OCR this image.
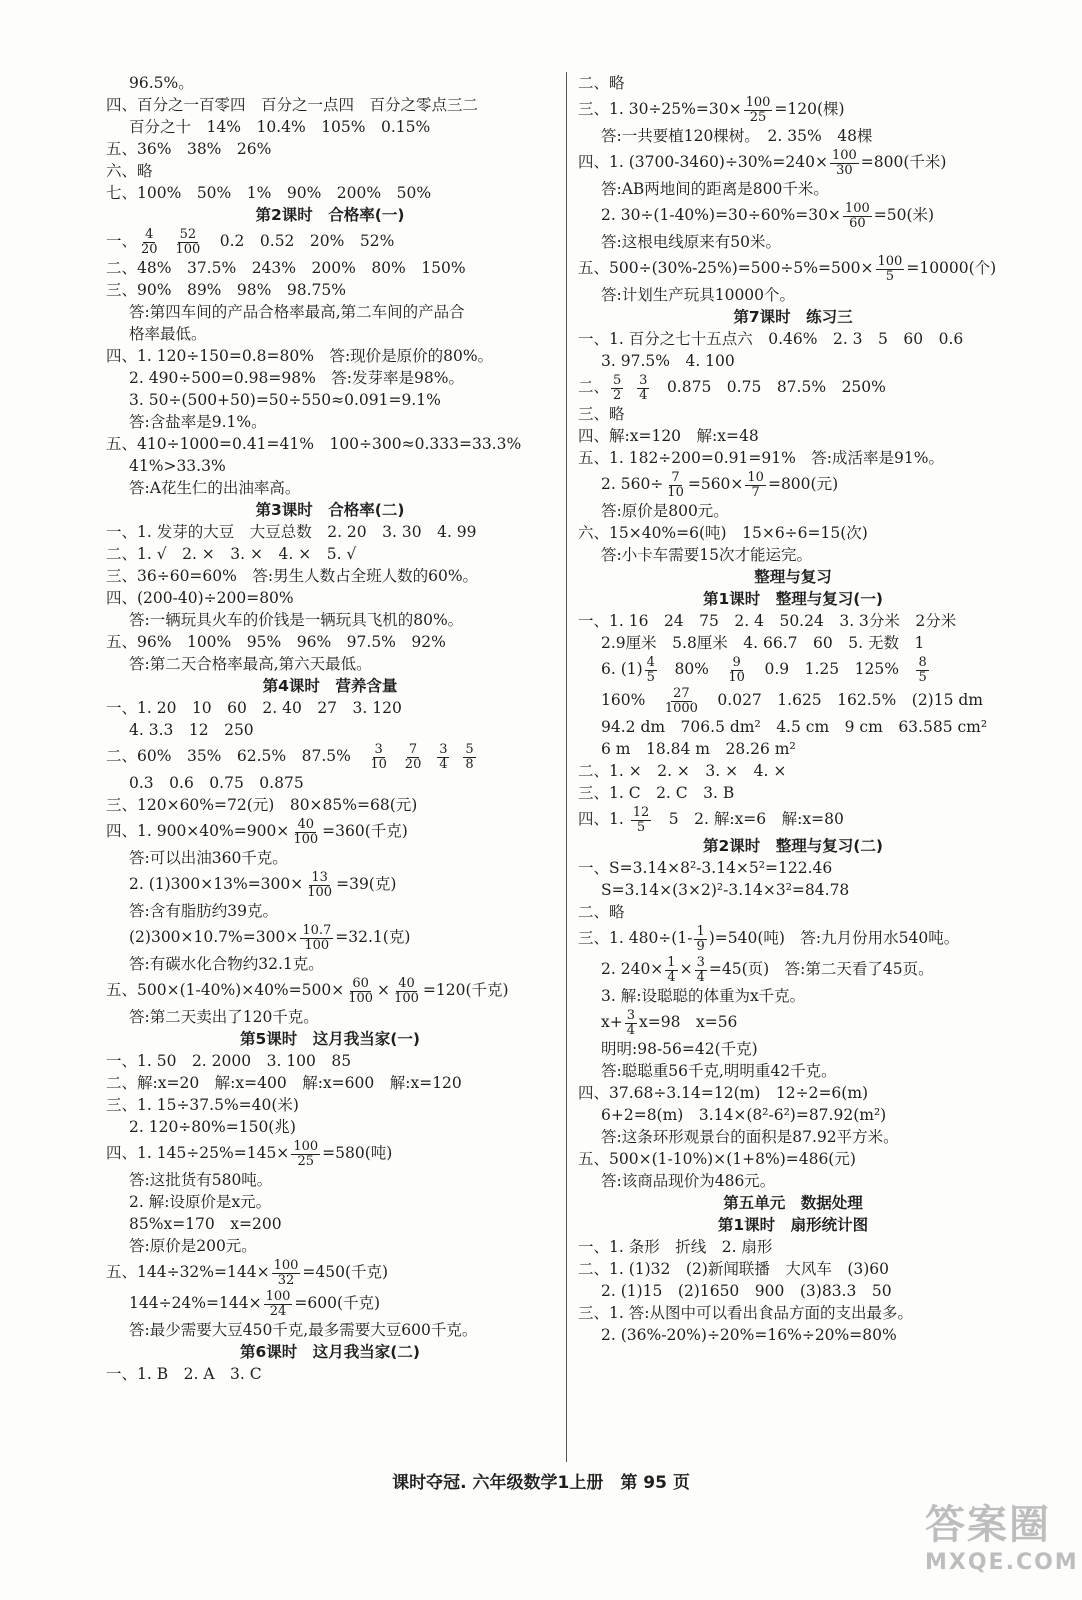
96.5%。
四、百分之一百零四　百分之一点四　百分之零点三二
百分之十　14%　10.4%　105%　0.15%
五、36%　38%　26%
六、略
七、100%　50%　1%　90%　200%　50%
第2课时　合格率(一)
一、 $\frac{4}{20}$
$\frac{52}{100}$ 　0.2　0.52　20%　52%
二、48%　37.5%　243%　200%　80%　150%
三、90%　89%　98%　98.75%
答:第四车间的产品合格率最高,第二车间的产品合
格率最低。
四、1. 120÷150=0.8=80%　答:现价是原价的80%。
2. 490÷500=0.98=98%　答:发芽率是98%。
3. 50÷(500+50)=50÷550≈0.091=9.1%
答:含盐率是9.1%。
五、410÷1000=0.41=41%　100÷300≈0.333=33.3%
41%>33.3%
答:A花生仁的出油率高。
第3课时　合格率(二)
一、1. 发芽的大豆　大豆总数　2. 20　3. 30　4. 99
二、1. √　2. ×　3. ×　4. ×　5. √
三、36÷60=60%　答:男生人数占全班人数的60%。
四、(200-40)÷200=80%
答:一辆玩具火车的价钱是一辆玩具飞机的80%。
五、96%　100%　95%　96%　97.5%　92%
答:第二天合格率最高,第六天最低。
第4课时　营养含量
一、1. 20　10　60　2. 40　27　3. 120
4. 3.3　12　250
二、60%　35%　62.5%　87.5%　 $\frac{3}{10}$
$\frac{7}{20}$
$\frac{3}{4}$
$\frac{5}{8}$
0.3　0.6　0.75　0.875
三、120×60%=72(元)　80×85%=68(元)
四、1. $900\times 40\%=900\times \frac{40}{100} =360$(千克)
答:可以出油360千克。
2. $(1)300\times 13\%=300\times \frac{13}{100} =39$(克)
答:含有脂肪约39克。
$(2)300\times 10.7\%=300\times \frac{10.7}{100} =32.1$(克)
答:有碳水化合物约32.1克。
五、$500\times(1-40\%)\times 40\%=500\times \frac{60}{100} \times \frac{40}{100} =120$(千克)
答:第二天卖出了120千克。
第5课时　这月我当家(一)
一、1. 50　2. 2000　3. 100　85
二、解:x=20　解:x=400　解:x=600　解:x=120
三、1. 15÷37.5%=40(米)
2. 120÷80%=150(兆)
四、1. $145\div 25\%=145\times \frac{100}{25} =580$(吨)
答:这批货有580吨。
2. 解:设原价是x元。
85%x=170　x=200
答:原价是200元。
五、$144\div 32\%=144\times \frac{100}{32} =450$(千克)
$144\div 24\%=144\times \frac{100}{24} =600$(千克)
答:最少需要大豆450千克,最多需要大豆600千克。
第6课时　这月我当家(二)
一、1. B　2. A　3. C
二、略
三、1. $30\div 25\%=30\times \frac{100}{25} =120$(棵)
答:一共要植120棵树。　2. 35%　48棵
四、1. $(3700-3460)\div 30\%=240\times \frac{100}{30} =800$(千米)
答:AB两地间的距离是800千米。
2. $30\div(1-40\%)=30\div 60\%=30\times \frac{100}{60} =50$(米)
答:这根电线原来有50米。
五、$500\div(30\%-25\%)=500\div 5\%=500\times \frac{100}{5} =10000$(个)
答:计划生产玩具10000个。
第7课时　练习三
一、1. 百分之七十五点六　0.46%　2. 3　5　60　0.6
3. 97.5%　4. 100
二、 $\frac{5}{2}$
$\frac{3}{4}$ 　0.875　0.75　87.5%　250%
三、略
四、解:x=120　解:x=48
五、1. 182÷200=0.91=91%　答:成活率是91%。
2. $560\div \frac{7}{10} =560\times \frac{10}{7} =800$(元)
答:原价是800元。
六、15×40%=6(吨)　15×6÷6=15(次)
答:小卡车需要15次才能运完。
整理与复习
第1课时　整理与复习(一)
一、1. 16　24　75　2. 4　50.24　3. 3分米　2分米
2.9厘米　5.8厘米　4. 66.7　60　5. 无数　1
6. $(1) \frac{4}{5}$ 　80%　 $\frac{9}{10}$ 　0.9　1.25　125%　 $\frac{8}{5}$
160%　 $\frac{27}{1000}$ 　0.027　1.625　162.5%　(2)15 dm
94.2 dm　706.5 dm²　4.5 cm　9 cm　63.585 cm²
6 m　18.84 m　28.26 m²
二、1. ×　2. ×　3. ×　4. ×
三、1. C　2. C　3. B
四、1. $\frac{12}{5}$ 　5　2. 解:x=6　解:x=80
第2课时　整理与复习(二)
一、S=3.14×8²-3.14×5²=122.46
S=3.14×(3×2)²-3.14×3²=84.78
二、略
三、1. $480\div(1- \frac{1}{9} )=540$(吨)　答:九月份用水540吨。
2. $240\times \frac{1}{4} \times \frac{3}{4} =45$(页)　答:第二天看了45页。
3. 解:设聪聪的体重为x千克。
$x+ \frac{3}{4} x=98$　x=56
明明:98-56=42(千克)
答:聪聪重56千克,明明重42千克。
四、37.68÷3.14=12(m)　12÷2=6(m)
6+2=8(m)　3.14×(8²-6²)=87.92(m²)
答:这条环形观景台的面积是87.92平方米。
五、500×(1-10%)×(1+8%)=486(元)
答:该商品现价为486元。
第五单元　数据处理
第1课时　扇形统计图
一、1. 条形　折线　2. 扇形
二、1. (1)32　(2)新闻联播　大风车　(3)60
2. (1)15　(2)1650　900　(3)83.3　50
三、1. 答:从图中可以看出食品方面的支出最多。
2. (36%-20%)÷20%=16%÷20%=80%
课时夺冠. 六年级数学1上册　第 95 页
答案圈
MXQE.COM
